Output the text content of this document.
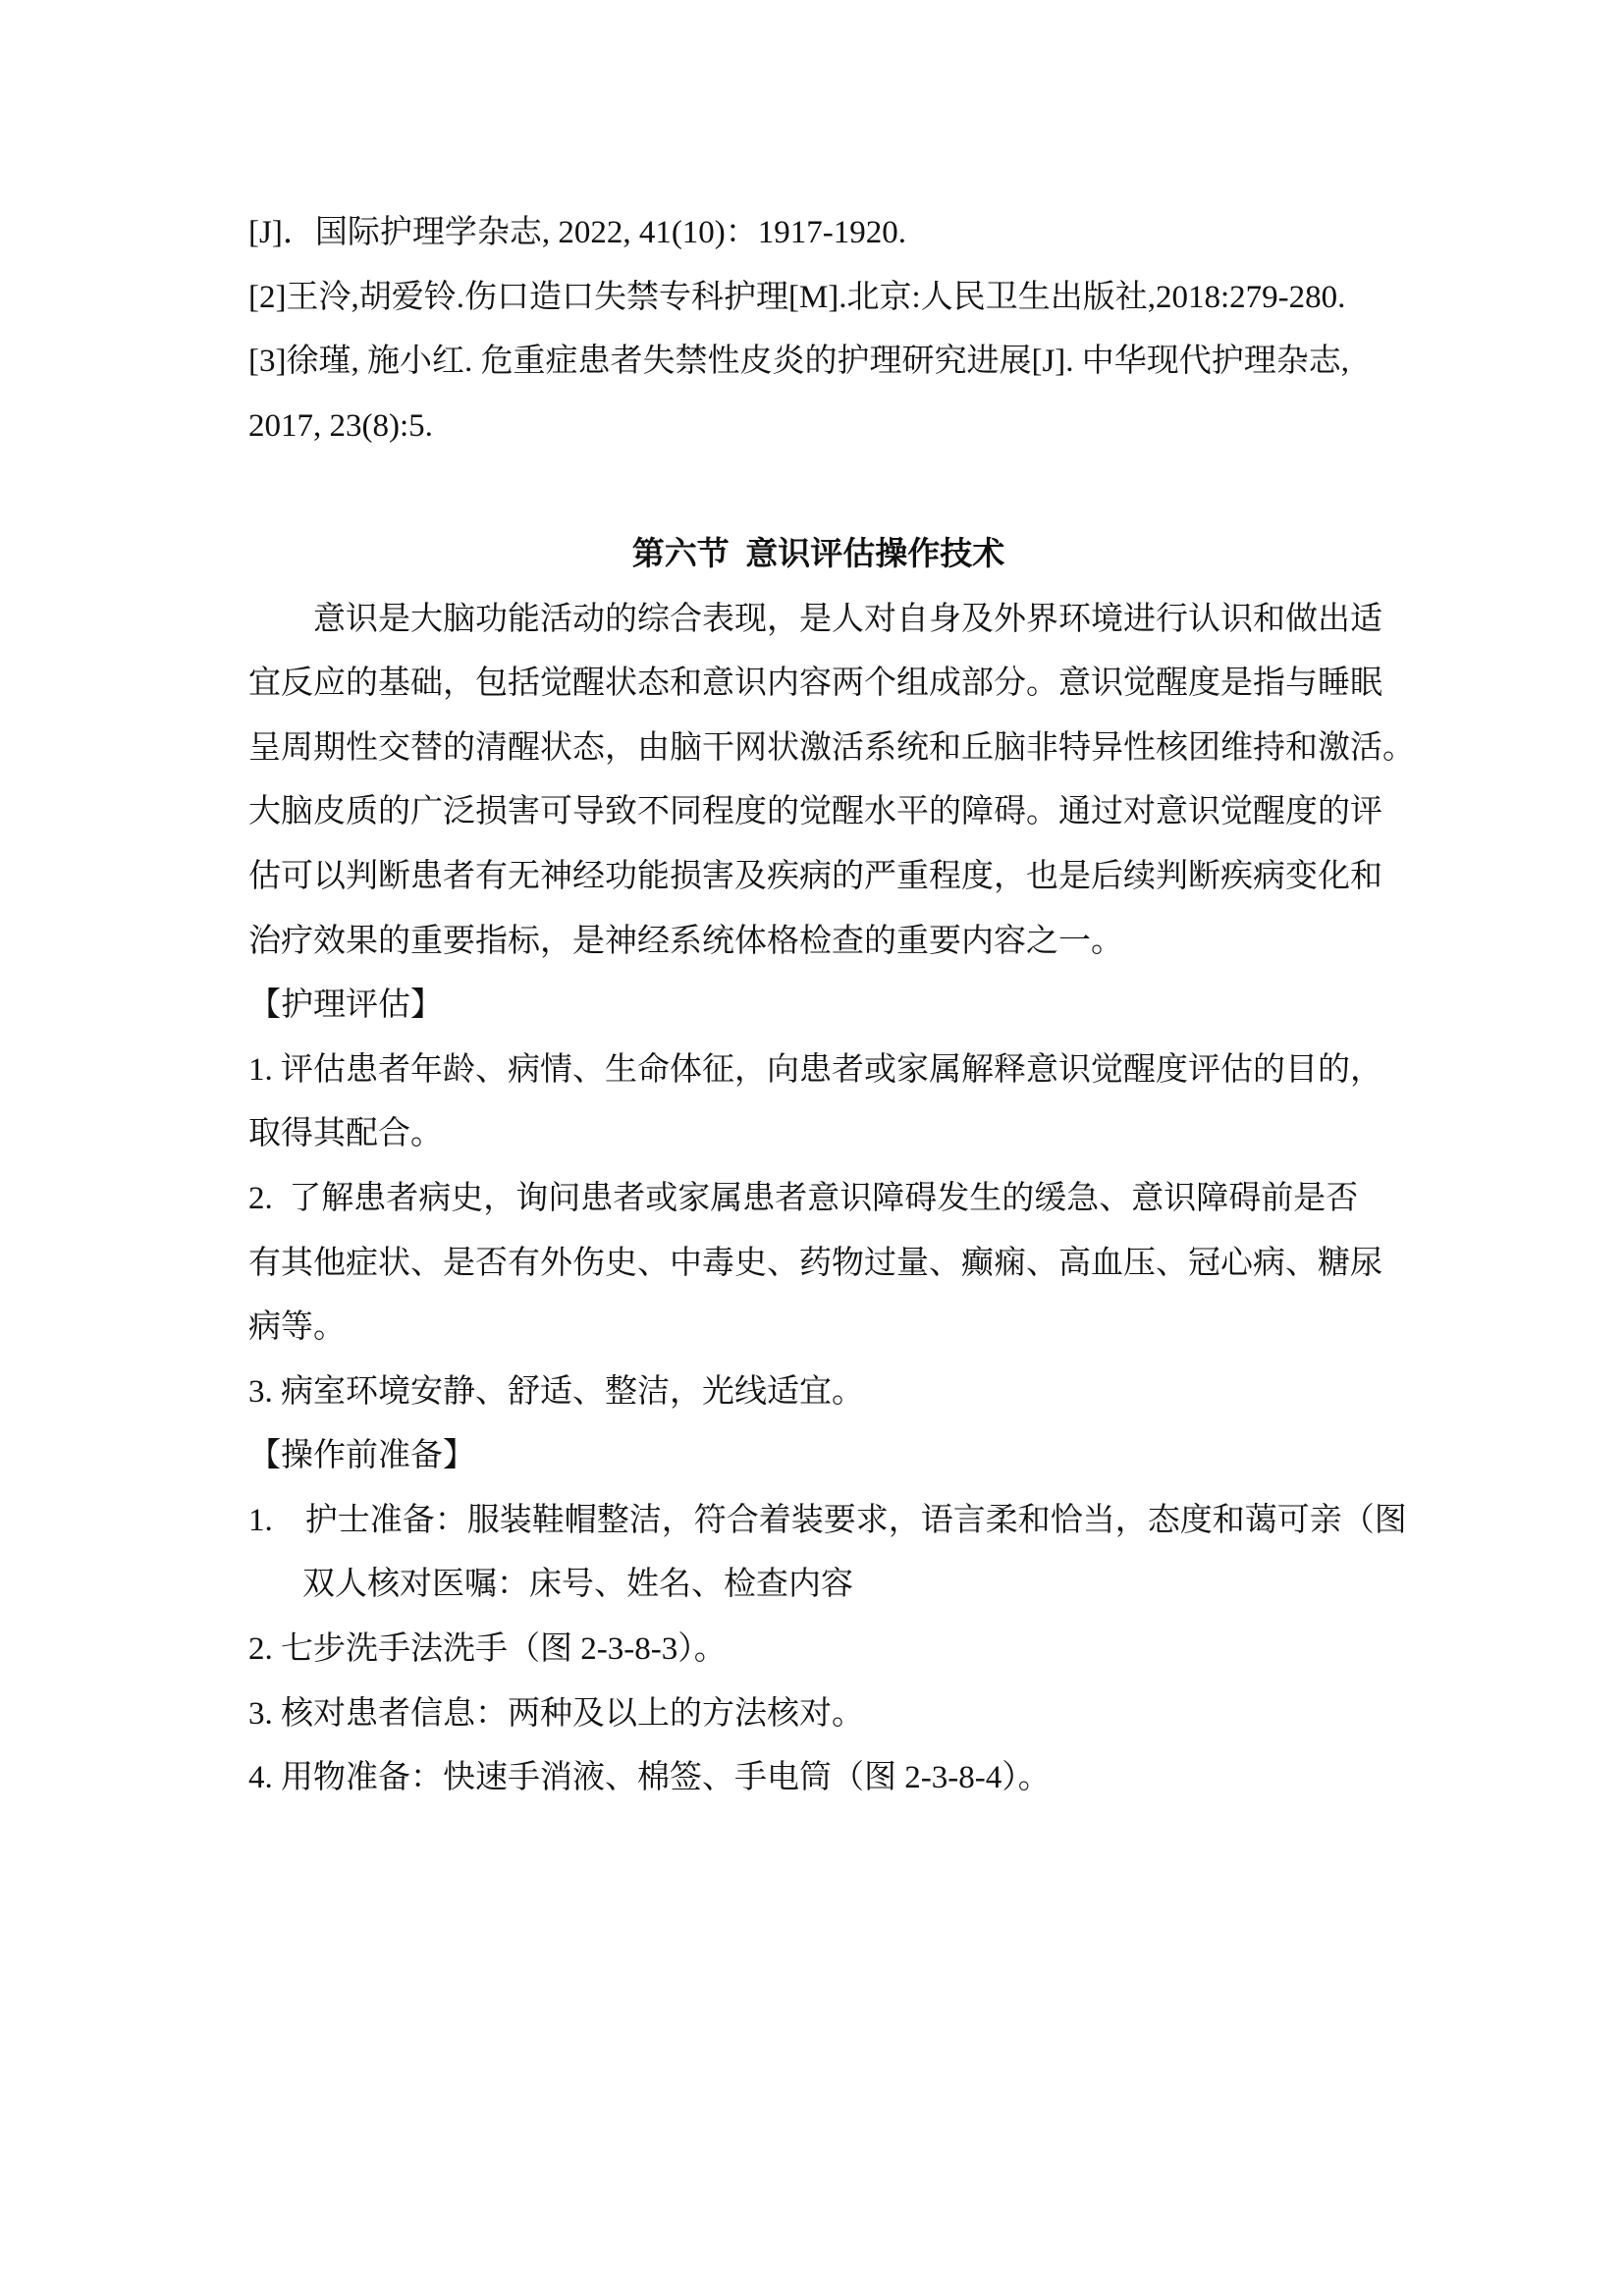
[J]．国际护理学杂志, 2022, 41(10)：1917-1920.
[2]王泠,胡爱铃.伤口造口失禁专科护理[M].北京:人民卫生出版社,2018:279-280.
[3]徐瑾, 施小红. 危重症患者失禁性皮炎的护理研究进展[J]. 中华现代护理杂志,
2017, 23(8):5.
第六节  意识评估操作技术
意识是大脑功能活动的综合表现，是人对自身及外界环境进行认识和做出适
宜反应的基础，包括觉醒状态和意识内容两个组成部分。意识觉醒度是指与睡眠
呈周期性交替的清醒状态，由脑干网状激活系统和丘脑非特异性核团维持和激活。
大脑皮质的广泛损害可导致不同程度的觉醒水平的障碍。通过对意识觉醒度的评
估可以判断患者有无神经功能损害及疾病的严重程度，也是后续判断疾病变化和
治疗效果的重要指标，是神经系统体格检查的重要内容之一。
【护理评估】
1. 评估患者年龄、病情、生命体征，向患者或家属解释意识觉醒度评估的目的，
取得其配合。
2.  了解患者病史，询问患者或家属患者意识障碍发生的缓急、意识障碍前是否
有其他症状、是否有外伤史、中毒史、药物过量、癫痫、高血压、冠心病、糖尿
病等。
3. 病室环境安静、舒适、整洁，光线适宜。
【操作前准备】
1.    护士准备：服装鞋帽整洁，符合着装要求，语言柔和恰当，态度和蔼可亲（图
双人核对医嘱：床号、姓名、检查内容
2. 七步洗手法洗手（图 2-3-8-3）。
3. 核对患者信息：两种及以上的方法核对。
4. 用物准备：快速手消液、棉签、手电筒（图 2-3-8-4）。
